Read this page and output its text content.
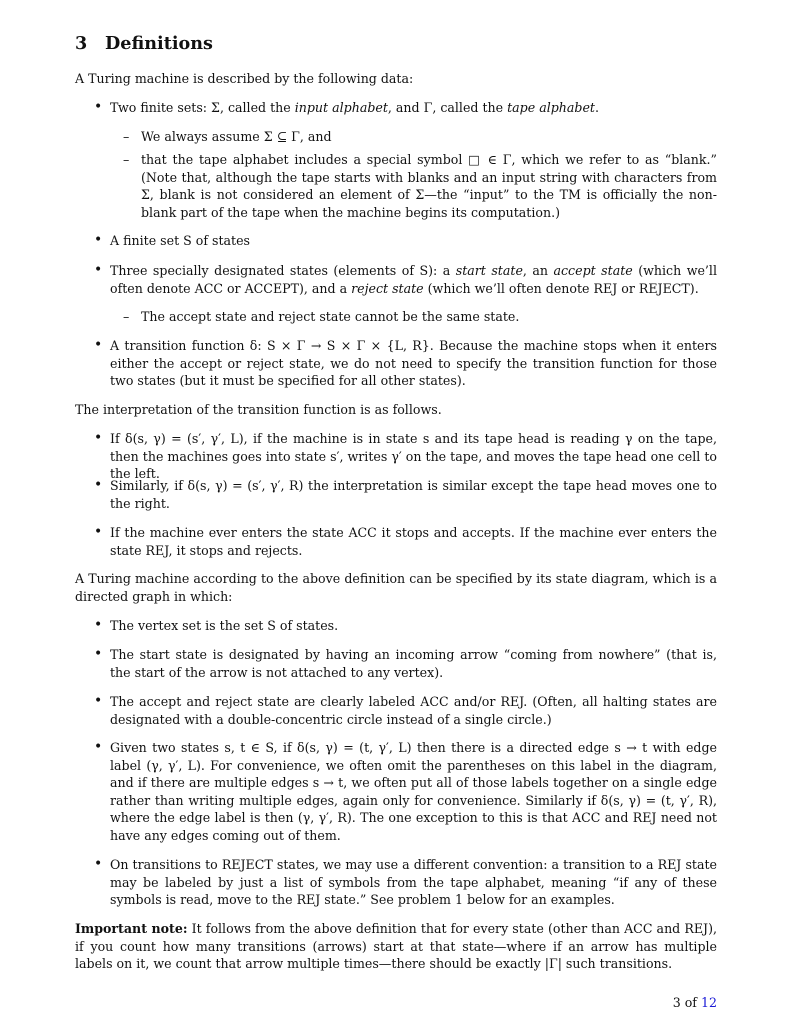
3 Definitions

A Turing machine is described by the following data:

• Two finite sets: Σ, called the input alphabet, and Γ, called the tape alphabet.

– We always assume Σ ⊆ Γ, and

– that the tape alphabet includes a special symbol □ ∈ Γ, which we refer to as “blank.” (Note that, although the tape starts with blanks and an input string with characters from Σ, blank is not considered an element of Σ—the “input” to the TM is officially the non-blank part of the tape when the machine begins its computation.)

• A finite set S of states

• Three specially designated states (elements of S): a start state, an accept state (which we’ll often denote ACC or ACCEPT), and a reject state (which we’ll often denote REJ or REJECT).

– The accept state and reject state cannot be the same state.

• A transition function δ: S × Γ → S × Γ × {L, R}. Because the machine stops when it enters either the accept or reject state, we do not need to specify the transition function for those two states (but it must be specified for all other states).

The interpretation of the transition function is as follows.

• If δ(s, γ) = (s′, γ′, L), if the machine is in state s and its tape head is reading γ on the tape, then the machines goes into state s′, writes γ′ on the tape, and moves the tape head one cell to the left.

• Similarly, if δ(s, γ) = (s′, γ′, R) the interpretation is similar except the tape head moves one to the right.

• If the machine ever enters the state ACC it stops and accepts. If the machine ever enters the state REJ, it stops and rejects.

A Turing machine according to the above definition can be specified by its state diagram, which is a directed graph in which:

• The vertex set is the set S of states.

• The start state is designated by having an incoming arrow “coming from nowhere” (that is, the start of the arrow is not attached to any vertex).

• The accept and reject state are clearly labeled ACC and/or REJ. (Often, all halting states are designated with a double-concentric circle instead of a single circle.)

• Given two states s, t ∈ S, if δ(s, γ) = (t, γ′, L) then there is a directed edge s → t with edge label (γ, γ′, L). For convenience, we often omit the parentheses on this label in the diagram, and if there are multiple edges s → t, we often put all of those labels together on a single edge rather than writing multiple edges, again only for convenience. Similarly if δ(s, γ) = (t, γ′, R), where the edge label is then (γ, γ′, R). The one exception to this is that ACC and REJ need not have any edges coming out of them.

• On transitions to REJECT states, we may use a different convention: a transition to a REJ state may be labeled by just a list of symbols from the tape alphabet, meaning “if any of these symbols is read, move to the REJ state.” See problem 1 below for an examples.

Important note: It follows from the above definition that for every state (other than ACC and REJ), if you count how many transitions (arrows) start at that state—where if an arrow has multiple labels on it, we count that arrow multiple times—there should be exactly |Γ| such transitions.

3 of 12
